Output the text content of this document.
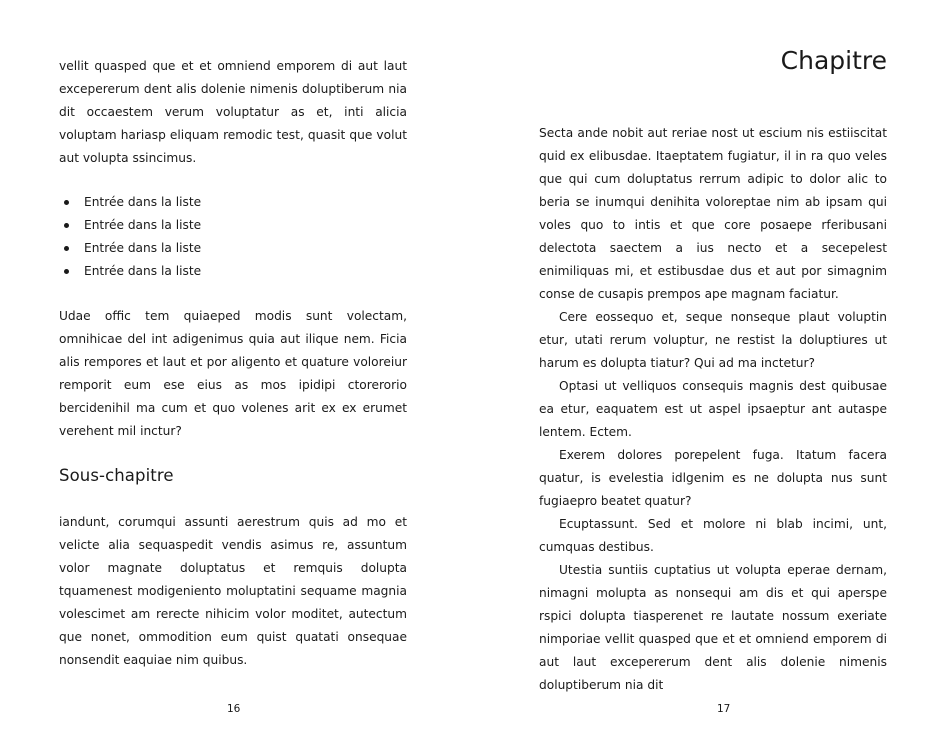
vellit quasped que et et omniend emporem di aut laut excepererum dent alis dolenie nimenis doluptiberum nia dit occaestem verum voluptatur as et, inti alicia voluptam hariasp eliquam remodic test, quasit que volut aut volupta ssincimus.

Entrée dans la liste
Entrée dans la liste
Entrée dans la liste
Entrée dans la liste

Udae offic tem quiaeped modis sunt volectam, omnihicae del int adigenimus quia aut ilique nem. Ficia alis rempores et laut et por aligento et quature voloreiur remporit eum ese eius as mos ipidipi ctorerorio bercidenihil ma cum et quo volenes arit ex ex erumet verehent mil inctur?

Sous-chapitre

iandunt, corumqui assunti aerestrum quis ad mo et velicte alia sequaspedit vendis asimus re, assuntum volor magnate doluptatus et remquis dolupta tquamenest modigeniento moluptatini sequame magnia volescimet am rerecte nihicim volor moditet, autectum que nonet, ommodition eum quist quatati onsequae nonsendit eaquiae nim quibus.

16
Chapitre

Secta ande nobit aut reriae nost ut escium nis estiiscitat quid ex elibusdae. Itaeptatem fugiatur, il in ra quo veles que qui cum doluptatus rerrum adipic to dolor alic to beria se inumqui denihita voloreptae nim ab ipsam qui voles quo to intis et que core posaepe rferibusani delectota saectem a ius necto et a secepelest enimiliquas mi, et estibusdae dus et aut por simagnim conse de cusapis prempos ape magnam faciatur.

Cere eossequo et, seque nonseque plaut voluptin etur, utati rerum voluptur, ne restist la doluptiures ut harum es dolupta tiatur? Qui ad ma inctetur?

Optasi ut velliquos consequis magnis dest quibusae ea etur, eaquatem est ut aspel ipsaeptur ant autaspe lentem. Ectem.

Exerem dolores porepelent fuga. Itatum facera quatur, is evelestia idlgenim es ne dolupta nus sunt fugiaepro beatet quatur?

Ecuptassunt. Sed et molore ni blab incimi, unt, cumquas destibus.

Utestia suntiis cuptatius ut volupta eperae dernam, nimagni molupta as nonsequi am dis et qui aperspe rspici dolupta tiasperenet re lautate nossum exeriate nimporiae vellit quasped que et et omniend emporem di aut laut excepererum dent alis dolenie nimenis doluptiberum nia dit

17
